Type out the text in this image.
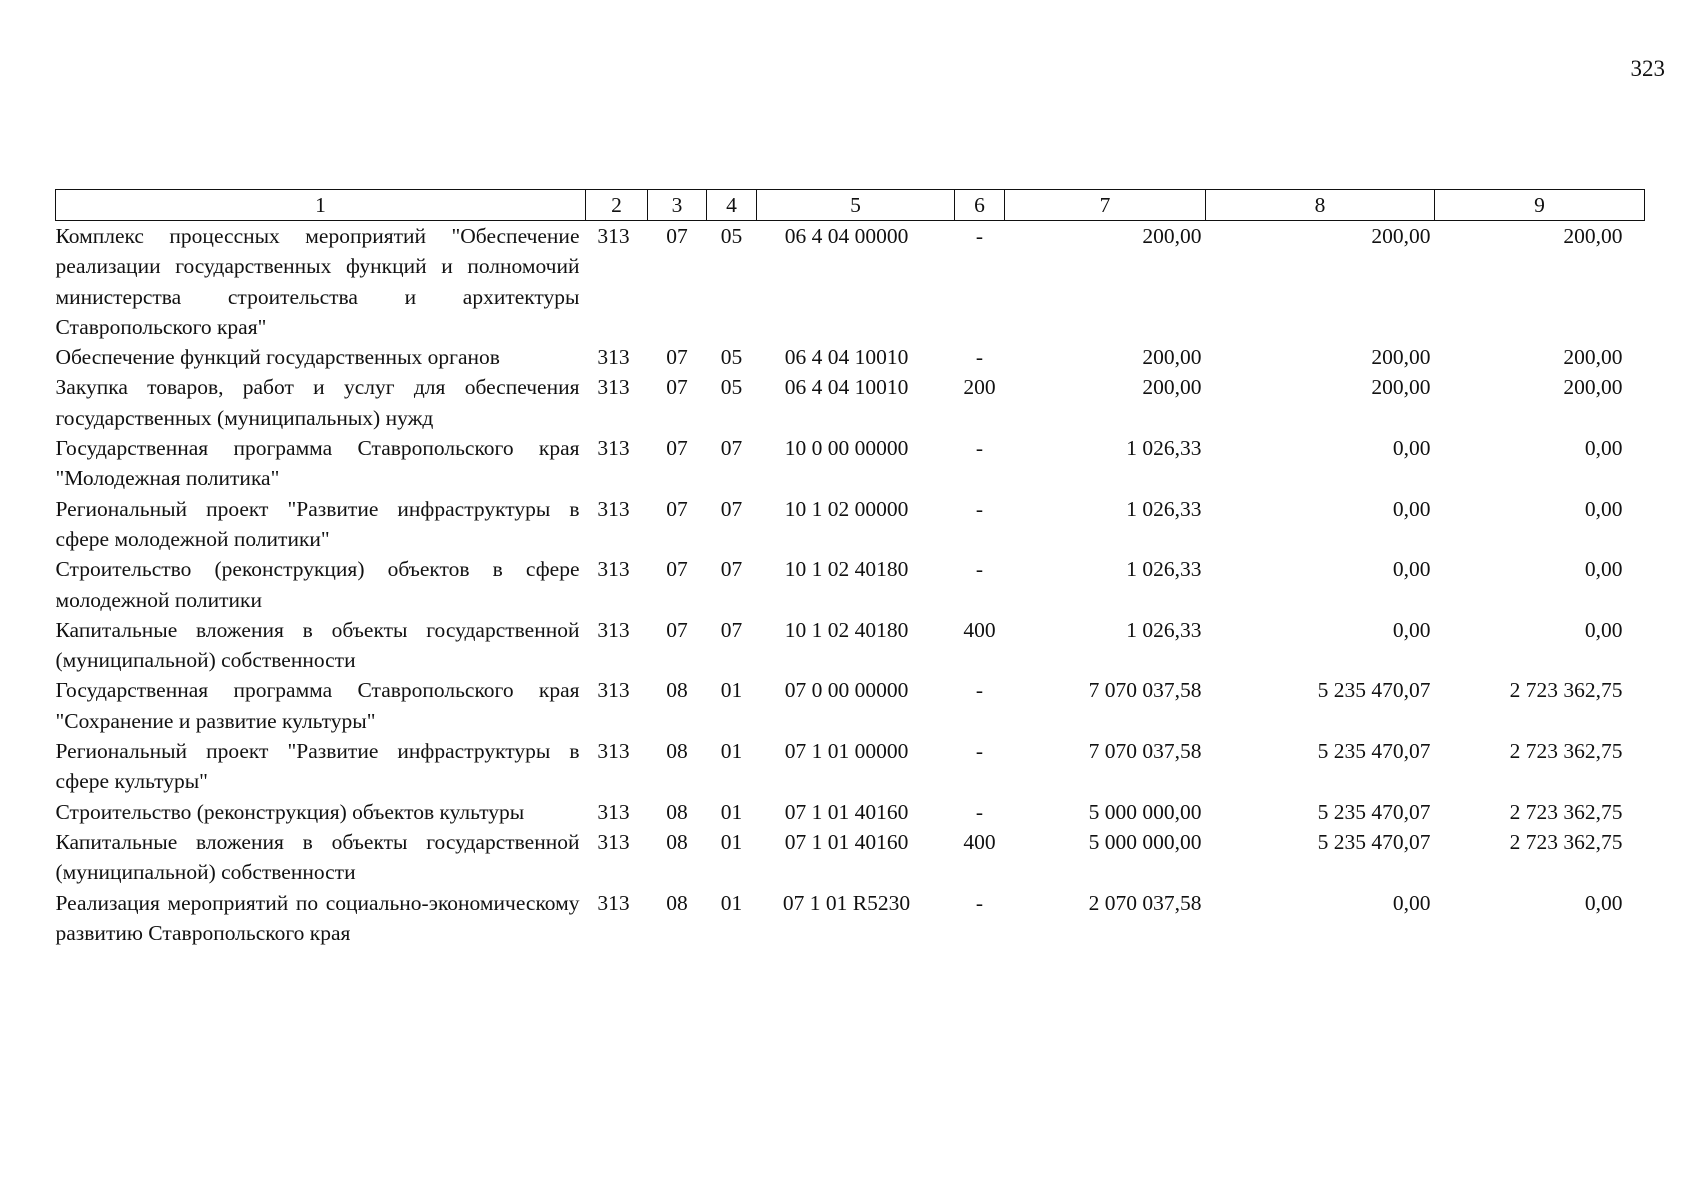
323
1	2	3	4	5	6	7	8	9
Комплекс процессных мероприятий "Обеспечение реализации государственных функций и полномочий министерства строительства и архитектуры Ставропольского края"	313	07	05	06 4 04 00000	-	200,00	200,00	200,00
Обеспечение функций государственных органов	313	07	05	06 4 04 10010	-	200,00	200,00	200,00
Закупка товаров, работ и услуг для обеспечения государственных (муниципальных) нужд	313	07	05	06 4 04 10010	200	200,00	200,00	200,00
Государственная программа Ставропольского края "Молодежная политика"	313	07	07	10 0 00 00000	-	1 026,33	0,00	0,00
Региональный проект "Развитие инфраструктуры в сфере молодежной политики"	313	07	07	10 1 02 00000	-	1 026,33	0,00	0,00
Строительство (реконструкция) объектов в сфере молодежной политики	313	07	07	10 1 02 40180	-	1 026,33	0,00	0,00
Капитальные вложения в объекты государственной (муниципальной) собственности	313	07	07	10 1 02 40180	400	1 026,33	0,00	0,00
Государственная программа Ставропольского края "Сохранение и развитие культуры"	313	08	01	07 0 00 00000	-	7 070 037,58	5 235 470,07	2 723 362,75
Региональный проект "Развитие инфраструктуры в сфере культуры"	313	08	01	07 1 01 00000	-	7 070 037,58	5 235 470,07	2 723 362,75
Строительство (реконструкция) объектов культуры	313	08	01	07 1 01 40160	-	5 000 000,00	5 235 470,07	2 723 362,75
Капитальные вложения в объекты государственной (муниципальной) собственности	313	08	01	07 1 01 40160	400	5 000 000,00	5 235 470,07	2 723 362,75
Реализация мероприятий по социально-экономическому развитию Ставропольского края	313	08	01	07 1 01 R5230	-	2 070 037,58	0,00	0,00
